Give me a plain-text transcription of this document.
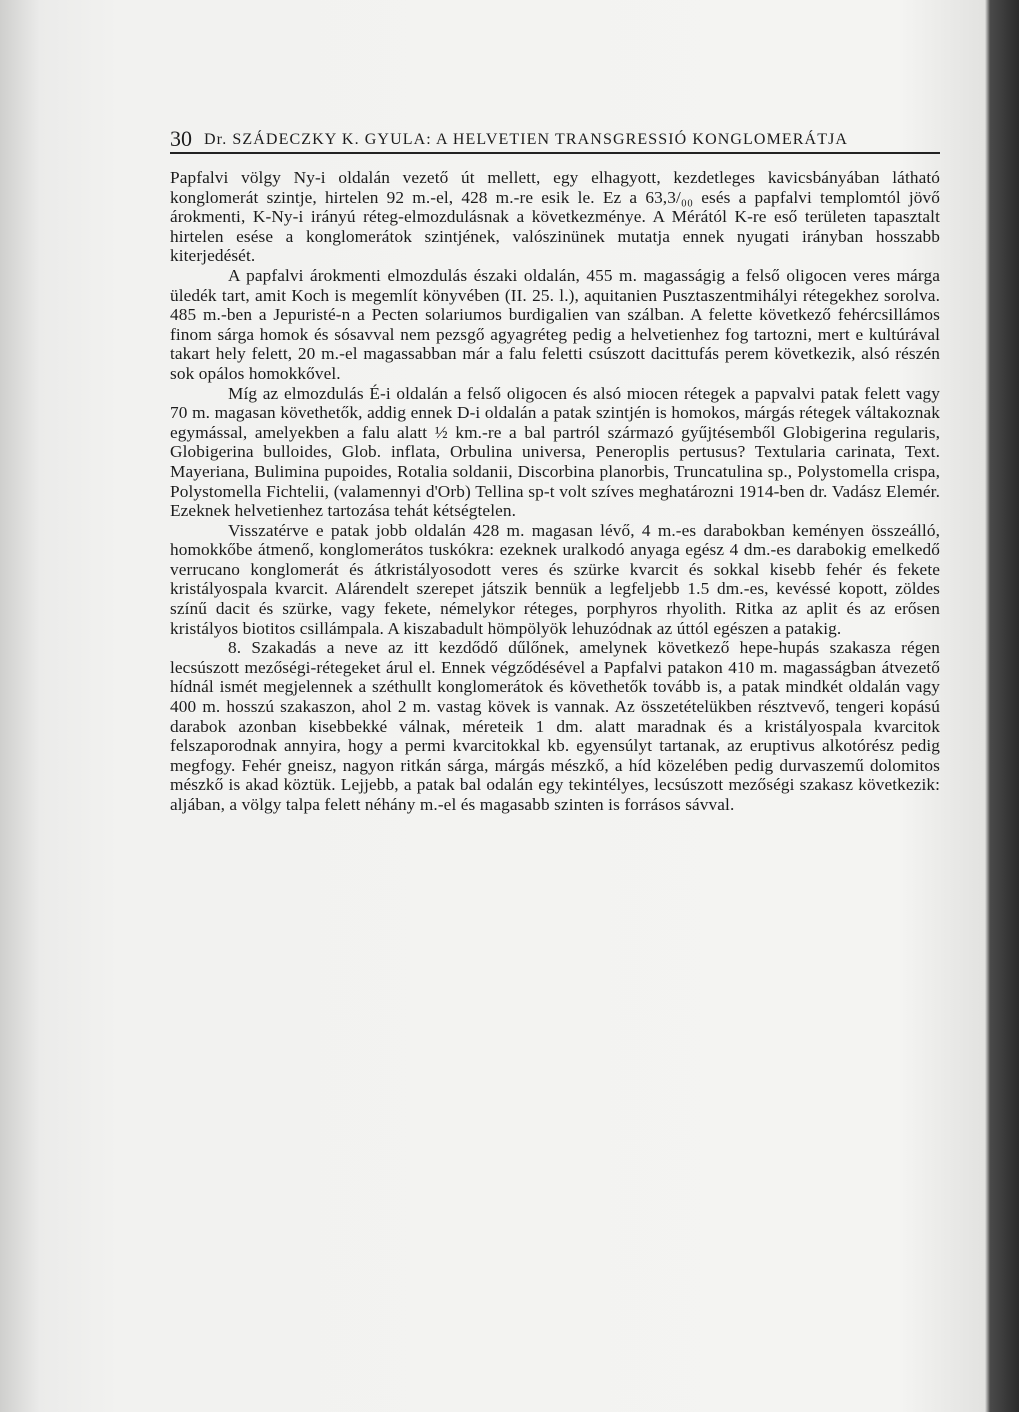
30 Dr. SZÁDECZKY K. GYULA: A HELVETIEN TRANSGRESSIÓ KONGLOMERÁTJA

Papfalvi völgy Ny-i oldalán vezető út mellett, egy elhagyott, kezdetleges kavicsbányában látható konglomerát szintje, hirtelen 92 m.-el, 428 m.-re esik le. Ez a 63,3/₀₀ esés a papfalvi templomtól jövő árokmenti, K-Ny-i irányú réteg-elmozdulásnak a következménye. A Mérától K-re eső területen tapasztalt hirtelen esése a konglomerátok szintjének, valószinünek mutatja ennek nyugati irányban hosszabb kiterjedését.

A papfalvi árokmenti elmozdulás északi oldalán, 455 m. magasságig a felső oligocen veres márga üledék tart, amit Koch is megemlít könyvében (II. 25. l.), aquitanien Pusztaszentmihályi rétegekhez sorolva. 485 m.-ben a Jepuristé-n a Pecten solariumos burdigalien van szálban. A felette következő fehércsillámos finom sárga homok és sósavval nem pezsgő agyagréteg pedig a helvetienhez fog tartozni, mert e kultúrával takart hely felett, 20 m.-el magassabban már a falu feletti csúszott dacittufás perem következik, alsó részén sok opálos homokkővel.

Míg az elmozdulás É-i oldalán a felső oligocen és alsó miocen rétegek a papvalvi patak felett vagy 70 m. magasan követhetők, addig ennek D-i oldalán a patak szintjén is homokos, márgás rétegek váltakoznak egymással, amelyekben a falu alatt ½ km.-re a bal partról származó gyűjtésemből Globigerina regularis, Globigerina bulloides, Glob. inflata, Orbulina universa, Peneroplis pertusus? Textularia carinata, Text. Mayeriana, Bulimina pupoides, Rotalia soldanii, Discorbina planorbis, Truncatulina sp., Polystomella crispa, Polystomella Fichtelii, (valamennyi d'Orb) Tellina sp-t volt szíves meghatározni 1914-ben dr. Vadász Elemér. Ezeknek helvetienhez tartozása tehát kétségtelen.

Visszatérve e patak jobb oldalán 428 m. magasan lévő, 4 m.-es darabokban keményen összeálló, homokkőbe átmenő, konglomerátos tuskókra: ezeknek uralkodó anyaga egész 4 dm.-es darabokig emelkedő verrucano konglomerát és átkristályosodott veres és szürke kvarcit és sokkal kisebb fehér és fekete kristályospala kvarcit. Alárendelt szerepet játszik bennük a legfeljebb 1.5 dm.-es, kevéssé kopott, zöldes színű dacit és szürke, vagy fekete, némelykor réteges, porphyros rhyolith. Ritka az aplit és az erősen kristályos biotitos csillámpala. A kiszabadult hömpölyök lehuzódnak az úttól egészen a patakig.

8. Szakadás a neve az itt kezdődő dűlőnek, amelynek következő hepe-hupás szakasza régen lecsúszott mezőségi-rétegeket árul el. Ennek végződésével a Papfalvi patakon 410 m. magasságban átvezető hídnál ismét megjelennek a széthullt konglomerátok és követhetők tovább is, a patak mindkét oldalán vagy 400 m. hosszú szakaszon, ahol 2 m. vastag kövek is vannak. Az összetételükben résztvevő, tengeri kopású darabok azonban kisebbekké válnak, méreteik 1 dm. alatt maradnak és a kristályospala kvarcitok felszaporodnak annyira, hogy a permi kvarcitokkal kb. egyensúlyt tartanak, az eruptivus alkotórész pedig megfogy. Fehér gneisz, nagyon ritkán sárga, márgás mészkő, a híd közelében pedig durvaszemű dolomitos mészkő is akad köztük. Lejjebb, a patak bal odalán egy tekintélyes, lecsúszott mezőségi szakasz következik: aljában, a völgy talpa felett néhány m.-el és magasabb szinten is forrásos sávval.
